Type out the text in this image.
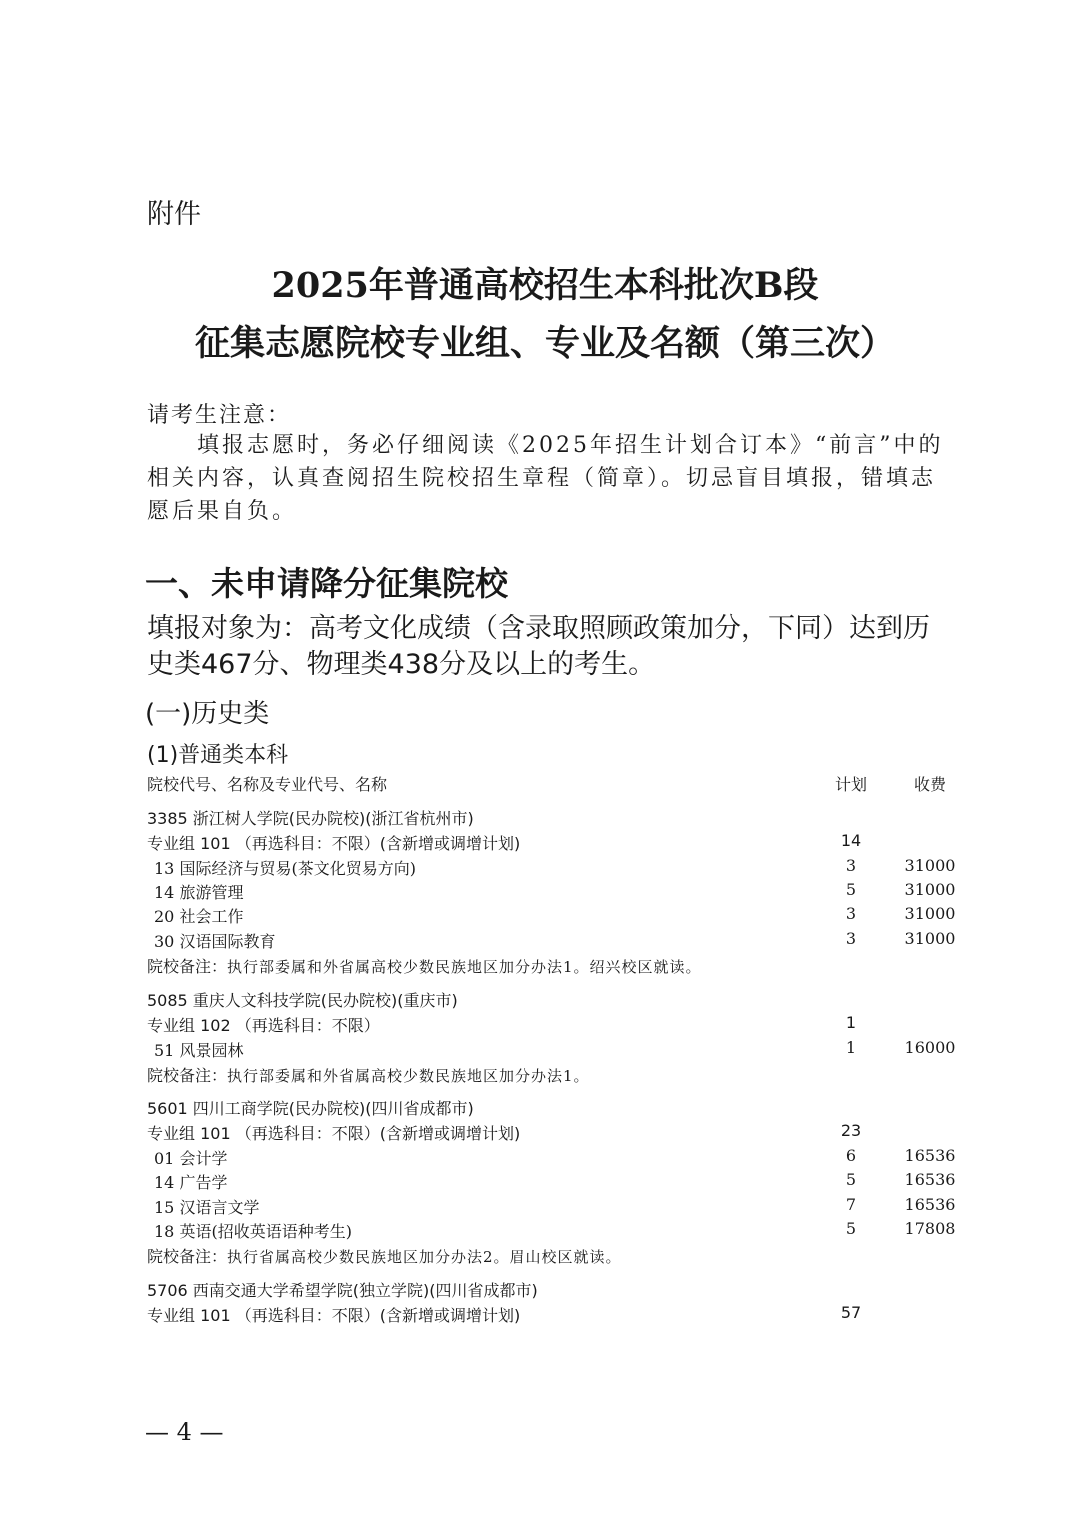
附件
2025年普通高校招生本科批次B段
征集志愿院校专业组、专业及名额（第三次）
请考生注意：
填报志愿时，务必仔细阅读《2025年招生计划合订本》“前言”中的相关内容，认真查阅招生院校招生章程（简章）。切忌盲目填报，错填志愿后果自负。
一、未申请降分征集院校
填报对象为：高考文化成绩（含录取照顾政策加分，下同）达到历史类467分、物理类438分及以上的考生。
(一)历史类
(1)普通类本科
院校代号、名称及专业代号、名称	计划	收费
3385 浙江树人学院(民办院校)(浙江省杭州市)
专业组 101 （再选科目：不限）(含新增或调增计划)	14
13 国际经济与贸易(茶文化贸易方向)	3	31000
14 旅游管理	5	31000
20 社会工作	3	31000
30 汉语国际教育	3	31000
院校备注：执行部委属和外省属高校少数民族地区加分办法1。绍兴校区就读。
5085 重庆人文科技学院(民办院校)(重庆市)
专业组 102 （再选科目：不限）	1
51 风景园林	1	16000
院校备注：执行部委属和外省属高校少数民族地区加分办法1。
5601 四川工商学院(民办院校)(四川省成都市)
专业组 101 （再选科目：不限）(含新增或调增计划)	23
01 会计学	6	16536
14 广告学	5	16536
15 汉语言文学	7	16536
18 英语(招收英语语种考生)	5	17808
院校备注：执行省属高校少数民族地区加分办法2。眉山校区就读。
5706 西南交通大学希望学院(独立学院)(四川省成都市)
专业组 101 （再选科目：不限）(含新增或调增计划)	57
— 4 —
